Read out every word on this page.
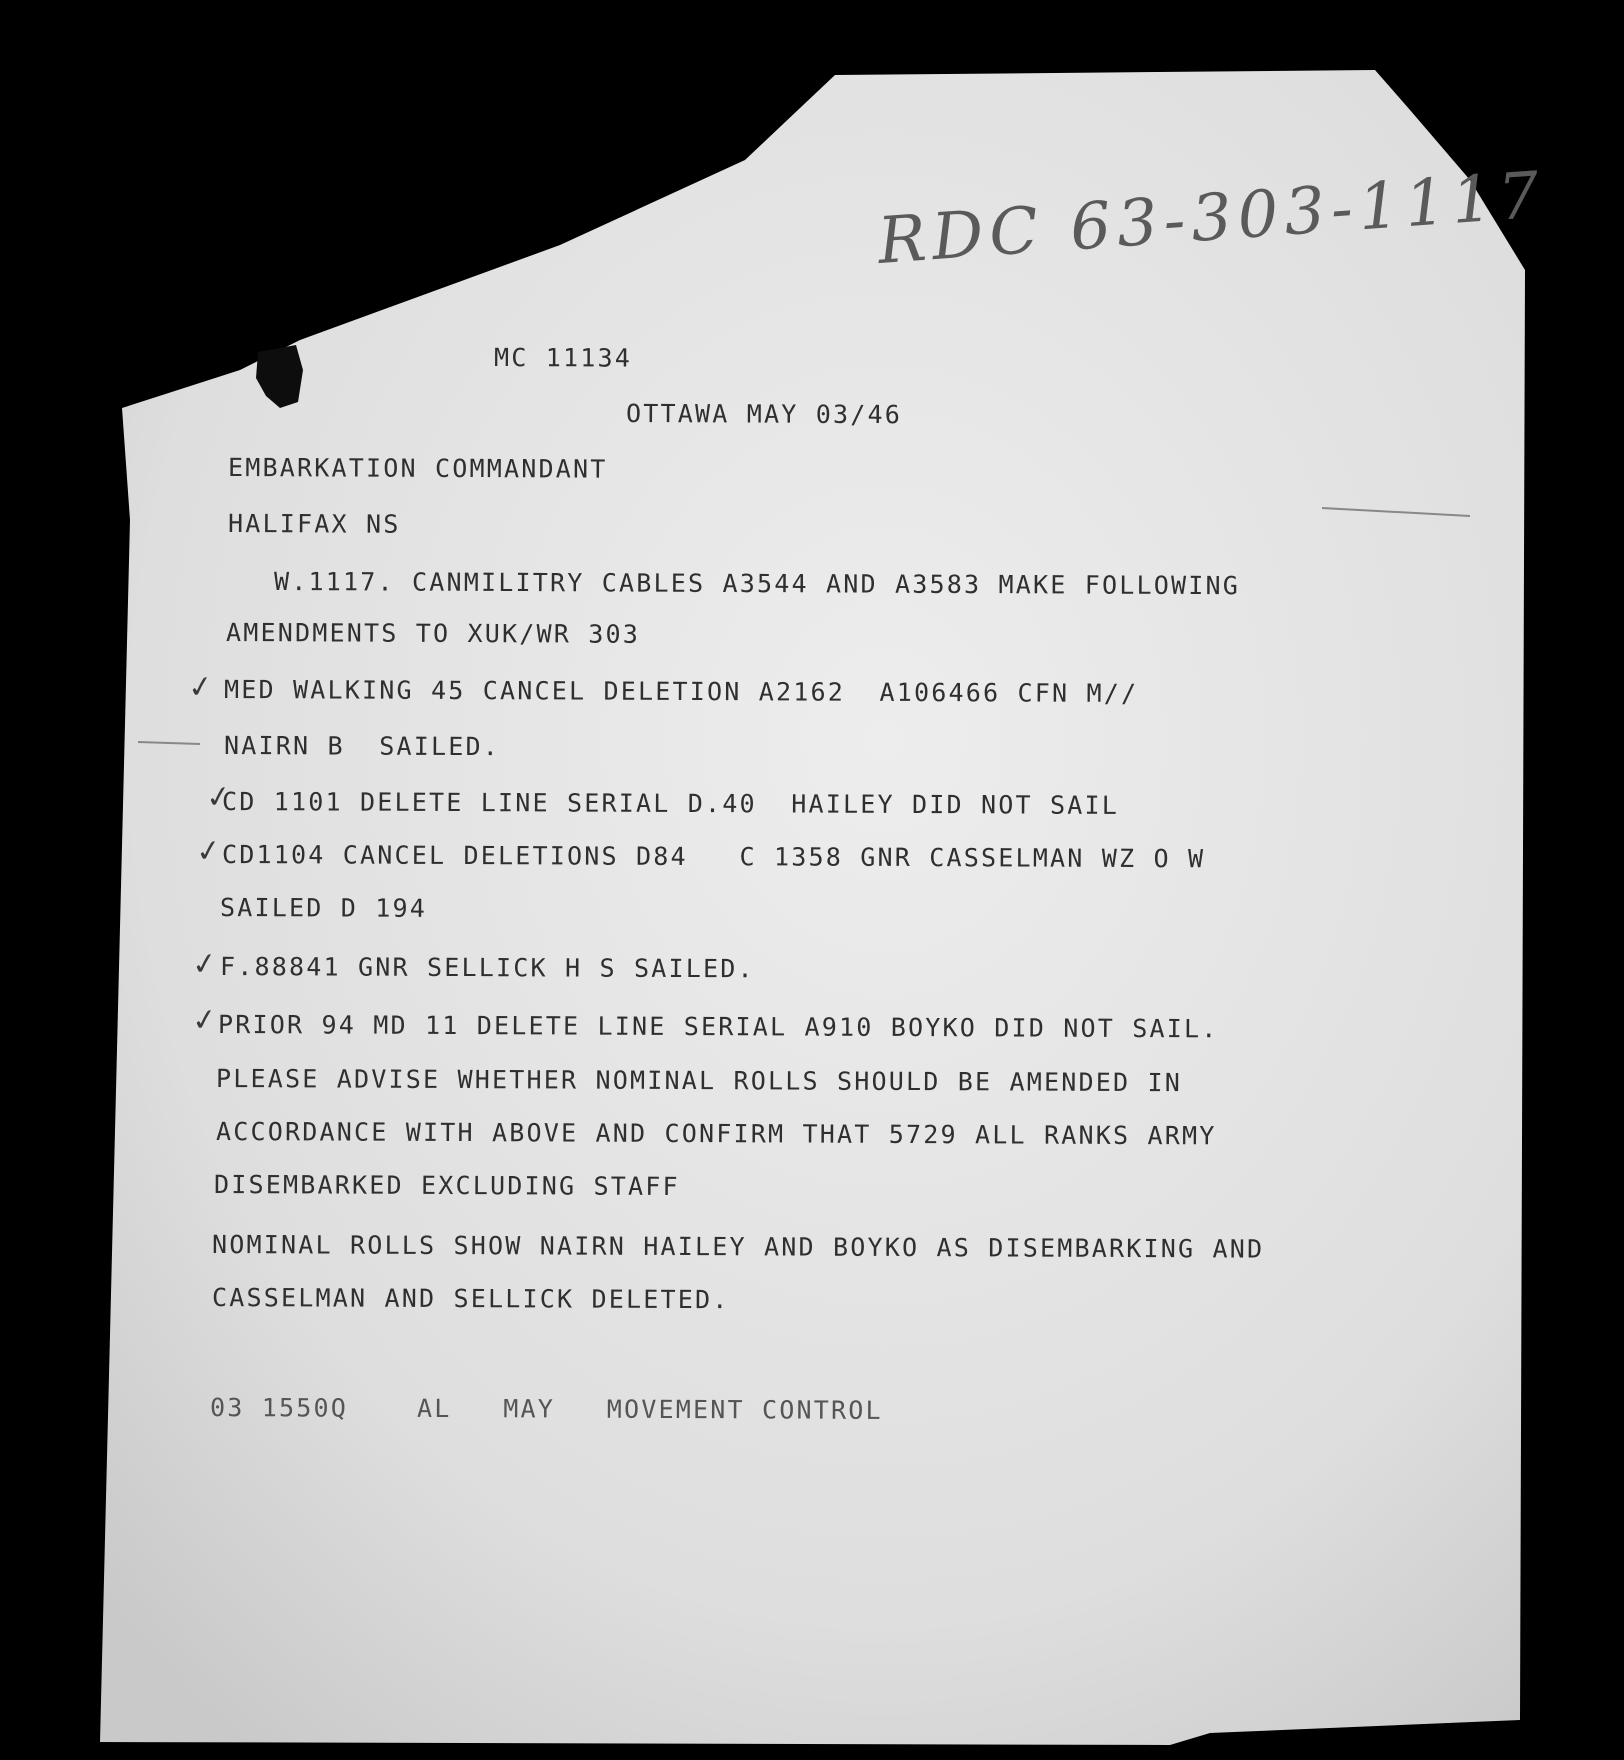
RDC 63-303-1117
MC 11134
OTTAWA MAY 03/46
EMBARKATION COMMANDANT
HALIFAX NS
W.1117. CANMILITRY CABLES A3544 AND A3583 MAKE FOLLOWING
AMENDMENTS TO XUK/WR 303
✓ MED WALKING 45 CANCEL DELETION A2162  A106466 CFN M//
NAIRN B  SAILED.
✓
CD 1101 DELETE LINE SERIAL D.40  HAILEY DID NOT SAIL
✓
CD1104 CANCEL DELETIONS D84   C 1358 GNR CASSELMAN WZ O W
SAILED D 194
✓ F.88841 GNR SELLICK H S SAILED.
✓
PRIOR 94 MD 11 DELETE LINE SERIAL A910 BOYKO DID NOT SAIL.
PLEASE ADVISE WHETHER NOMINAL ROLLS SHOULD BE AMENDED IN
ACCORDANCE WITH ABOVE AND CONFIRM THAT 5729 ALL RANKS ARMY
DISEMBARKED EXCLUDING STAFF
NOMINAL ROLLS SHOW NAIRN HAILEY AND BOYKO AS DISEMBARKING AND
CASSELMAN AND SELLICK DELETED.
03 1550Q    AL   MAY   MOVEMENT CONTROL
